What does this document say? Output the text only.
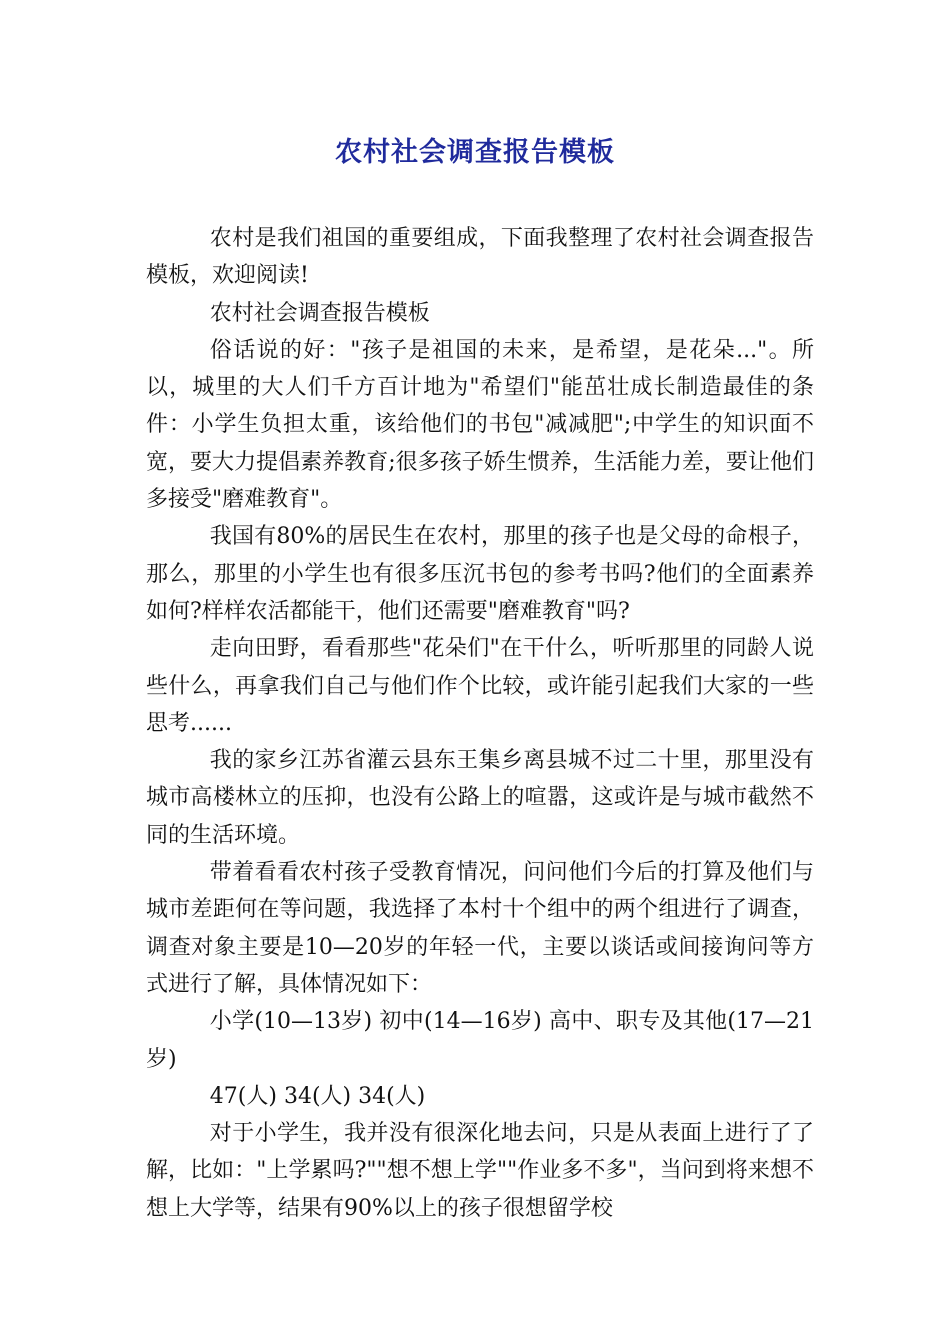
农村社会调查报告模板

农村是我们祖国的重要组成，下面我整理了农村社会调查报告模板，欢迎阅读!

农村社会调查报告模板

俗话说的好："孩子是祖国的未来，是希望，是花朵..."。所以，城里的大人们千方百计地为"希望们"能茁壮成长制造最佳的条件：小学生负担太重，该给他们的书包"减减肥";中学生的知识面不宽，要大力提倡素养教育;很多孩子娇生惯养，生活能力差，要让他们多接受"磨难教育"。

我国有80%的居民生在农村，那里的孩子也是父母的命根子，那么，那里的小学生也有很多压沉书包的参考书吗?他们的全面素养如何?样样农活都能干，他们还需要"磨难教育"吗?

走向田野，看看那些"花朵们"在干什么，听听那里的同龄人说些什么，再拿我们自己与他们作个比较，或许能引起我们大家的一些思考......

我的家乡江苏省灌云县东王集乡离县城不过二十里，那里没有城市高楼林立的压抑，也没有公路上的喧嚣，这或许是与城市截然不同的生活环境。

带着看看农村孩子受教育情况，问问他们今后的打算及他们与城市差距何在等问题，我选择了本村十个组中的两个组进行了调查，调查对象主要是10—20岁的年轻一代，主要以谈话或间接询问等方式进行了解，具体情况如下：

小学(10—13岁) 初中(14—16岁) 高中、职专及其他(17—21岁)

47(人) 34(人) 34(人)

对于小学生，我并没有很深化地去问，只是从表面上进行了了解，比如："上学累吗?""想不想上学""作业多不多"，当问到将来想不想上大学等，结果有90%以上的孩子很想留学校
